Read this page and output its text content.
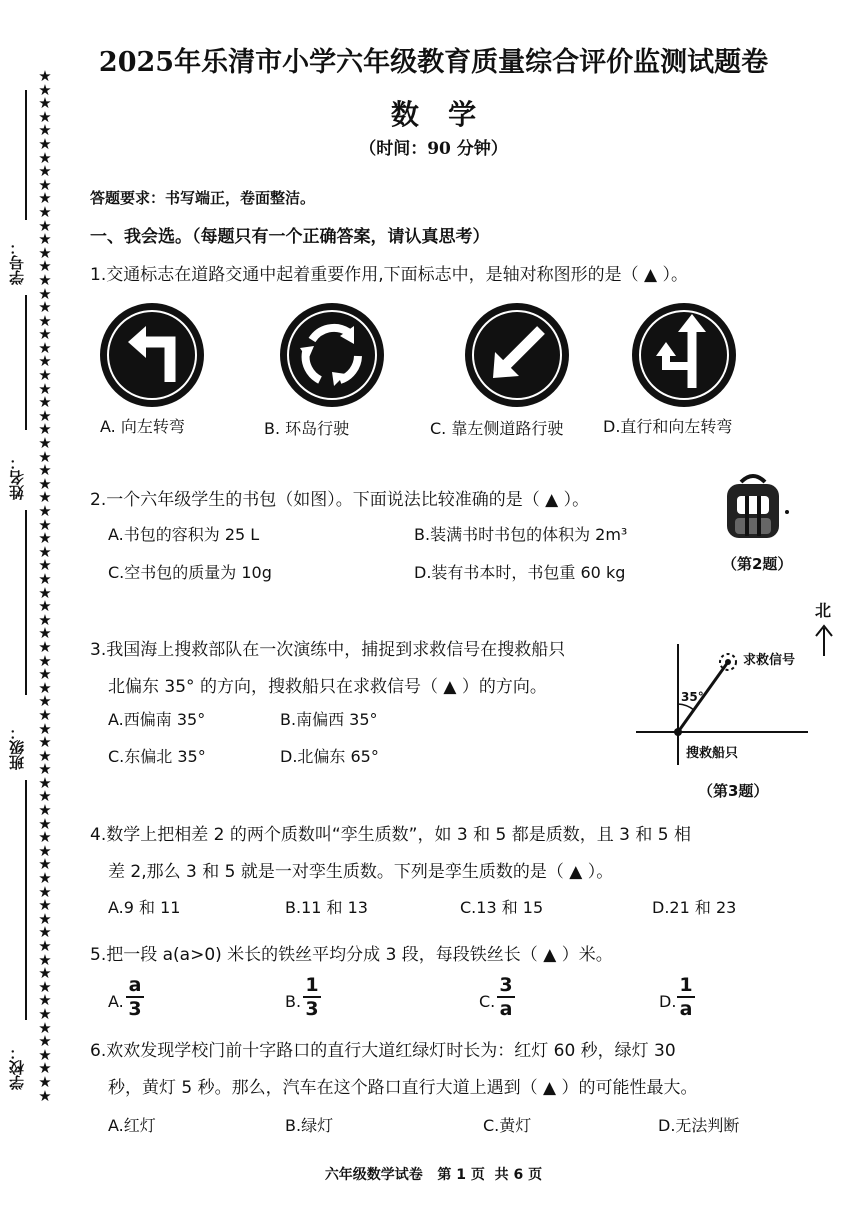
★
★
★
★
★
★
★
★
★
★
★
★
★
★
★
★
★
★
★
★
★
★
★
★
★
★
★
★
★
★
★
★
★
★
★
★
★
★
★
★
★
★
★
★
★
★
★
★
★
★
★
★
★
★
★
★
★
★
★
★
★
★
★
★
★
★
★
★
★
★
★
★
★
★
★
★
学号：
姓名：
班级：
学校：
2025年乐清市小学六年级教育质量综合评价监测试题卷
数   学
（时间：90 分钟）
答题要求：书写端正，卷面整洁。
一、我会选。（每题只有一个正确答案，请认真思考）
1.交通标志在道路交通中起着重要作用,下面标志中，是轴对称图形的是（ ▲ ）。
A. 向左转弯	B. 环岛行驶	C. 靠左侧道路行驶 D.直行和向左转弯
2.一个六年级学生的书包（如图）。下面说法比较准确的是（ ▲ ）。
A.书包的容积为 25 L	B.装满书时书包的体积为 2m³
C.空书包的质量为 10g	D.装有书本时，书包重 60 kg	（第2题）
3.我国海上搜救部队在一次演练中，捕捉到求救信号在搜救船只
北偏东 35° 的方向，搜救船只在求救信号（ ▲ ）的方向。
A.西偏南 35°	B.南偏西 35°
C.东偏北 35°	D.北偏东 65°
北
求救信号
35°
搜救船只
（第3题）
4.数学上把相差 2 的两个质数叫“孪生质数”，如 3 和 5 都是质数，且 3 和 5 相
差 2,那么 3 和 5 就是一对孪生质数。下列是孪生质数的是（ ▲ ）。
A.9 和 11	B.11 和 13	C.13 和 15	D.21 和 23
5.把一段 a(a>0) 米长的铁丝平均分成 3 段，每段铁丝长（ ▲ ）米。
A. $\frac{a}{3}$	B. $\frac{1}{3}$	C. $\frac{3}{a}$	D. $\frac{1}{a}$
6.欢欢发现学校门前十字路口的直行大道红绿灯时长为：红灯 60 秒，绿灯 30
秒，黄灯 5 秒。那么，汽车在这个路口直行大道上遇到（ ▲ ）的可能性最大。
A.红灯	B.绿灯	C.黄灯	D.无法判断
六年级数学试卷   第 1 页  共 6 页
